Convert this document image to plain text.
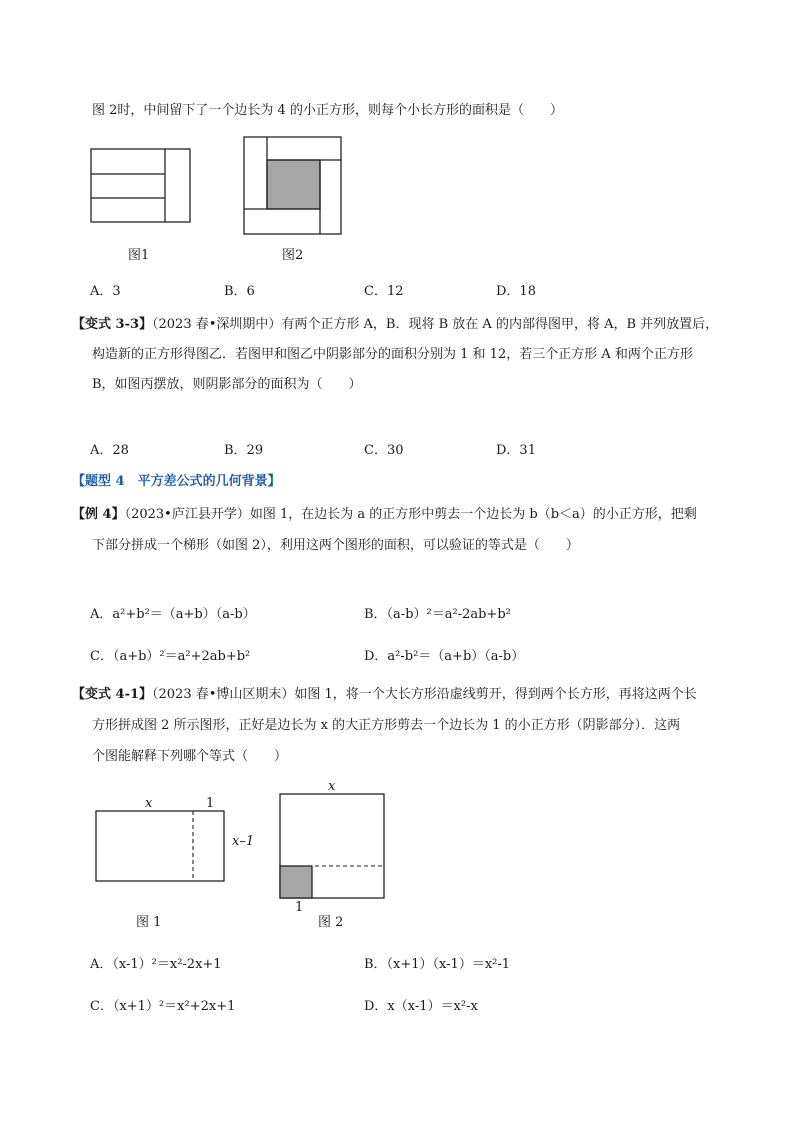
图 2时，中间留下了一个边长为 4 的小正方形，则每个小长方形的面积是（　　）
图1	图2
A．3	B．6	C．12	D．18
【变式 3-3】（2023 春•深圳期中）有两个正方形 A，B．现将 B 放在 A 的内部得图甲，将 A，B 并列放置后，
构造新的正方形得图乙．若图甲和图乙中阴影部分的面积分别为 1 和 12，若三个正方形 A 和两个正方形
B，如图丙摆放，则阴影部分的面积为（　　）
A．28	B．29	C．30	D．31
【题型 4　平方差公式的几何背景】
【例 4】（2023•庐江县开学）如图 1，在边长为 a 的正方形中剪去一个边长为 b（b＜a）的小正方形，把剩
下部分拼成一个梯形（如图 2），利用这两个图形的面积，可以验证的等式是（　　）
A．a²+b²＝（a+b）（a-b）	B．（a-b）²＝a²-2ab+b²
C．（a+b）²＝a²+2ab+b²	D．a²-b²＝（a+b）（a-b）
【变式 4-1】（2023 春•博山区期末）如图 1，将一个大长方形沿虚线剪开，得到两个长方形，再将这两个长
方形拼成图 2 所示图形，正好是边长为 x 的大正方形剪去一个边长为 1 的小正方形（阴影部分）．这两
个图能解释下列哪个等式（　　）
x	1
x–1
图 1
x
1
图 2
A．（x-1）²＝x²-2x+1	B．（x+1）（x-1）＝x²-1
C．（x+1）²＝x²+2x+1	D．x（x-1）＝x²-x
